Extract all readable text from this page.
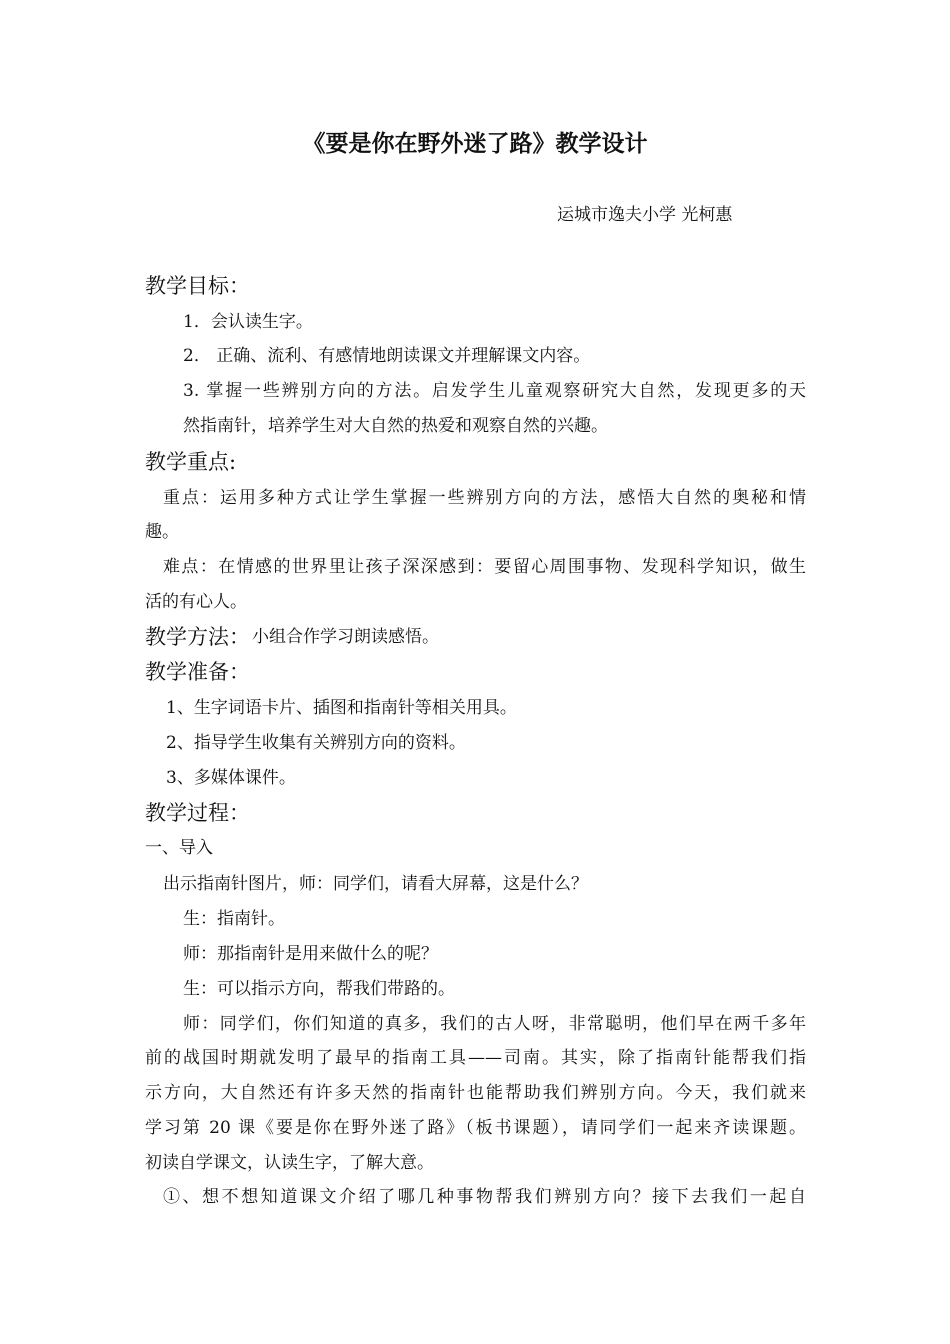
《要是你在野外迷了路》教学设计
运城市逸夫小学 光柯惠
教学目标：
1．会认读生字。
2． 正确、流利、有感情地朗读课文并理解课文内容。
3. 掌握一些辨别方向的方法。启发学生儿童观察研究大自然，发现更多的天
然指南针，培养学生对大自然的热爱和观察自然的兴趣。
教学重点:
重点：运用多种方式让学生掌握一些辨别方向的方法，感悟大自然的奥秘和情
趣。
难点：在情感的世界里让孩子深深感到：要留心周围事物、发现科学知识，做生
活的有心人。
教学方法： 小组合作学习朗读感悟。
教学准备：
1、生字词语卡片、插图和指南针等相关用具。
2、指导学生收集有关辨别方向的资料。
3、多媒体课件。
教学过程：
一、导入
出示指南针图片，师：同学们，请看大屏幕，这是什么？
生：指南针。
师：那指南针是用来做什么的呢？
生：可以指示方向，帮我们带路的。
师：同学们，你们知道的真多，我们的古人呀，非常聪明，他们早在两千多年
前的战国时期就发明了最早的指南工具——司南。其实，除了指南针能帮我们指
示方向，大自然还有许多天然的指南针也能帮助我们辨别方向。今天，我们就来
学习第 20 课《要是你在野外迷了路》（板书课题），请同学们一起来齐读课题。
初读自学课文，认读生字，了解大意。
①、想不想知道课文介绍了哪几种事物帮我们辨别方向？接下去我们一起自
